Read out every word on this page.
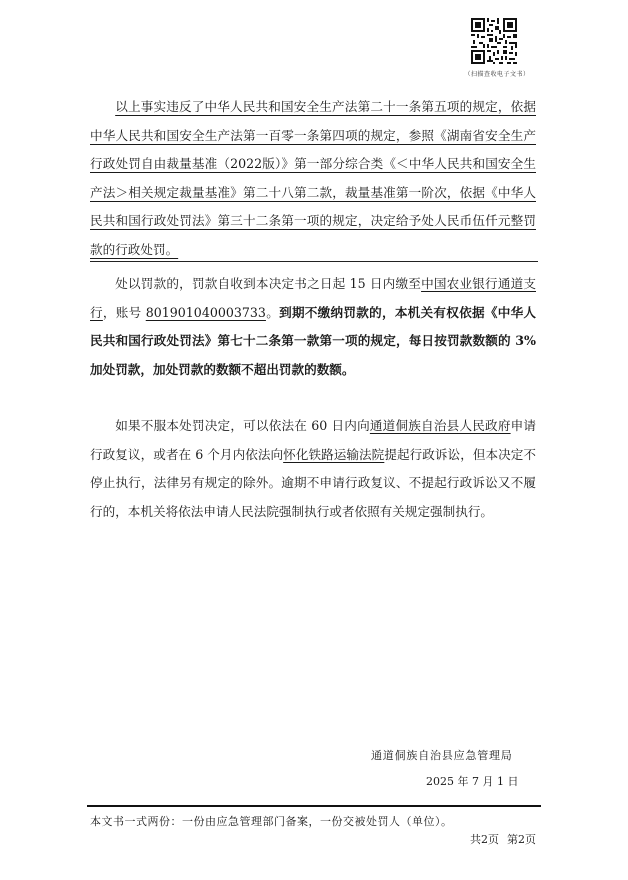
（扫描查收电子文书）

以上事实违反了中华人民共和国安全生产法第二十一条第五项的规定，依据中华人民共和国安全生产法第一百零一条第四项的规定，参照《湖南省安全生产行政处罚自由裁量基准（2022版）》第一部分综合类《＜中华人民共和国安全生产法＞相关规定裁量基准》第二十八第二款，裁量基准第一阶次，依据《中华人民共和国行政处罚法》第三十二条第一项的规定，决定给予处人民币伍仟元整罚款的行政处罚。

处以罚款的，罚款自收到本决定书之日起 15 日内缴至中国农业银行通道支行，账号 801901040003733。到期不缴纳罚款的，本机关有权依据《中华人民共和国行政处罚法》第七十二条第一款第一项的规定，每日按罚款数额的 3%加处罚款，加处罚款的数额不超出罚款的数额。

如果不服本处罚决定，可以依法在 60 日内向通道侗族自治县人民政府申请行政复议，或者在 6 个月内依法向怀化铁路运输法院提起行政诉讼，但本决定不停止执行，法律另有规定的除外。逾期不申请行政复议、不提起行政诉讼又不履行的，本机关将依法申请人民法院强制执行或者依照有关规定强制执行。

通道侗族自治县应急管理局
2025 年 7 月 1 日
本文书一式两份：一份由应急管理部门备案，一份交被处罚人（单位）。
共2页 第2页
